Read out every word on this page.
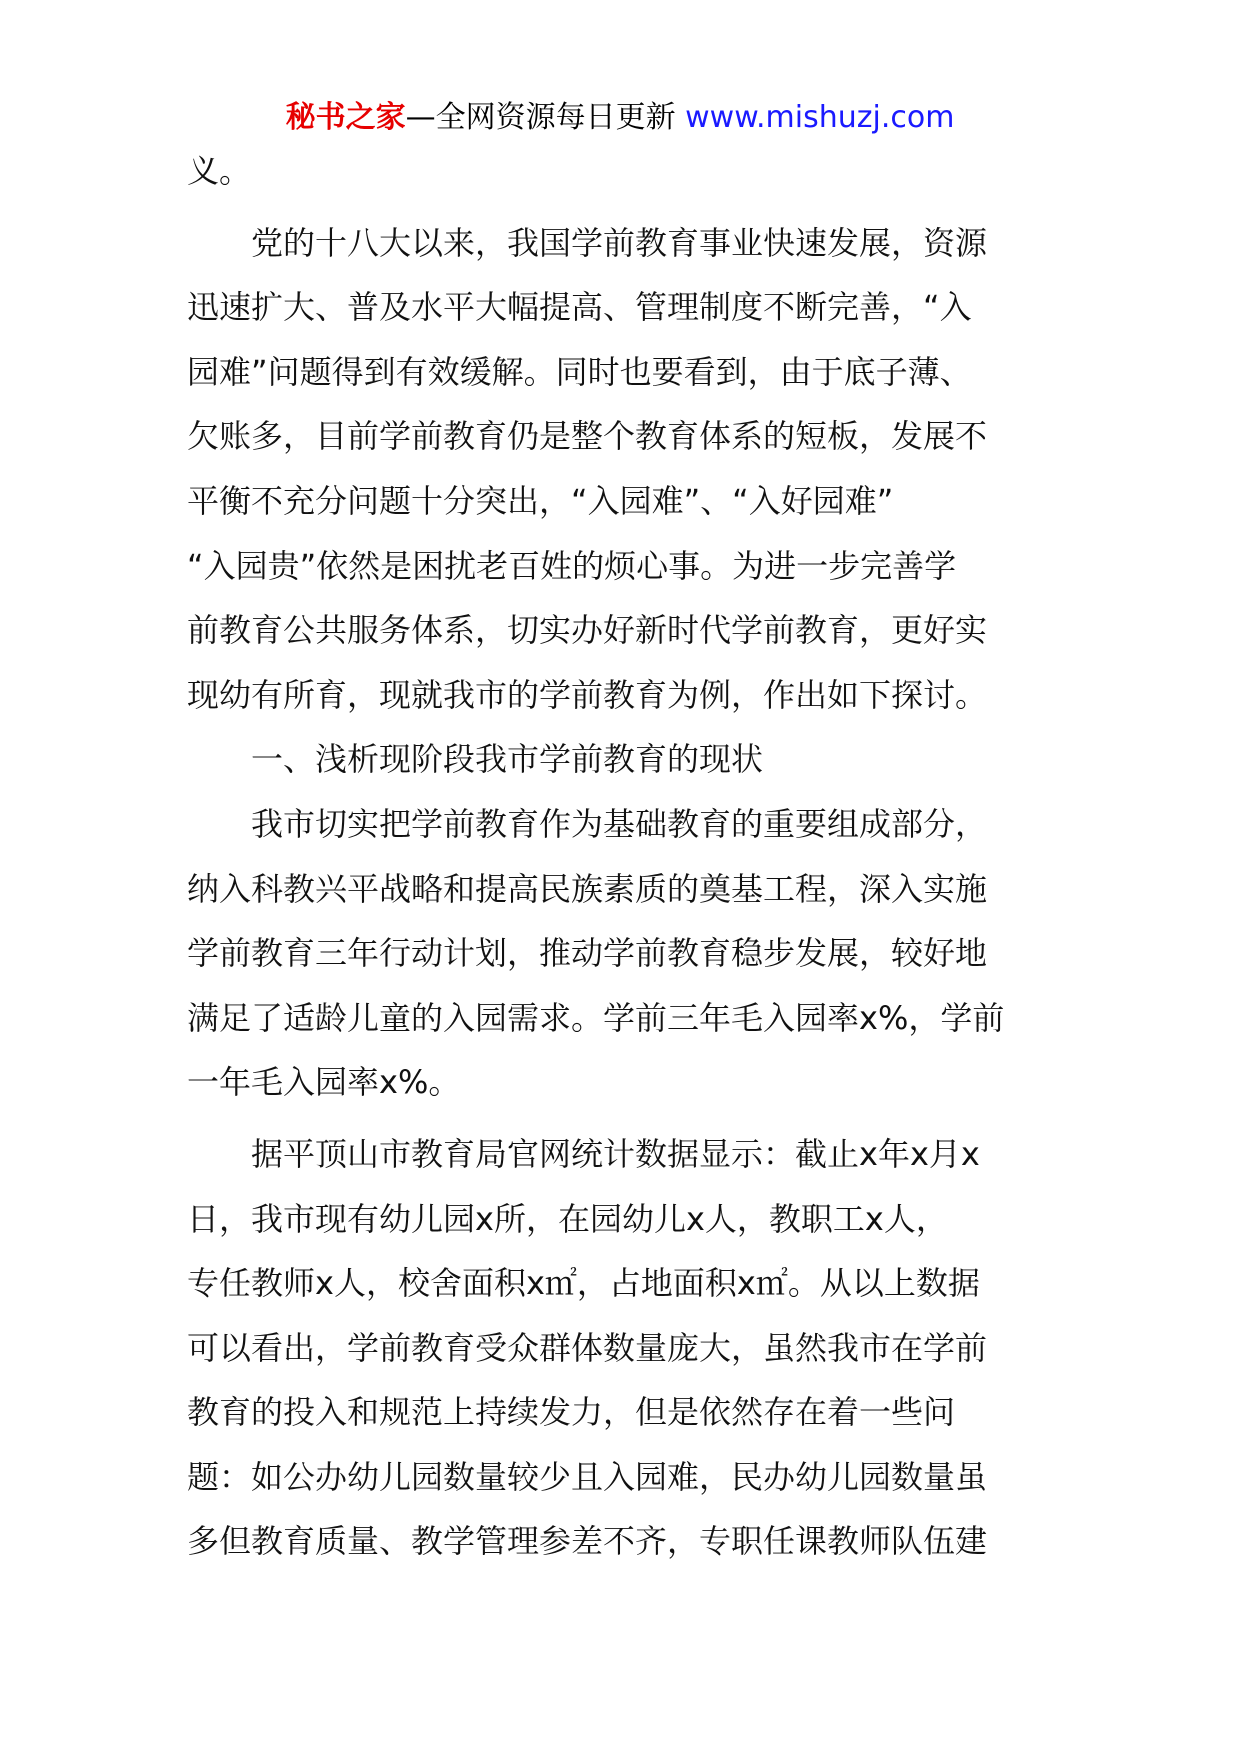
秘书之家—全网资源每日更新 www.mishuzj.com
义。
党的十八大以来，我国学前教育事业快速发展，资源
迅速扩大、普及水平大幅提高、管理制度不断完善，“入
园难”问题得到有效缓解。同时也要看到，由于底子薄、
欠账多，目前学前教育仍是整个教育体系的短板，发展不
平衡不充分问题十分突出，“入园难”、“入好园难”
“入园贵”依然是困扰老百姓的烦心事。为进一步完善学
前教育公共服务体系，切实办好新时代学前教育，更好实
现幼有所育，现就我市的学前教育为例，作出如下探讨。
一、浅析现阶段我市学前教育的现状
我市切实把学前教育作为基础教育的重要组成部分，
纳入科教兴平战略和提高民族素质的奠基工程，深入实施
学前教育三年行动计划，推动学前教育稳步发展，较好地
满足了适龄儿童的入园需求。学前三年毛入园率x%，学前
一年毛入园率x%。
据平顶山市教育局官网统计数据显示：截止x年x月x
日，我市现有幼儿园x所，在园幼儿x人，教职工x人，
专任教师x人，校舍面积x㎡，占地面积x㎡。从以上数据
可以看出，学前教育受众群体数量庞大，虽然我市在学前
教育的投入和规范上持续发力，但是依然存在着一些问
题：如公办幼儿园数量较少且入园难，民办幼儿园数量虽
多但教育质量、教学管理参差不齐，专职任课教师队伍建
